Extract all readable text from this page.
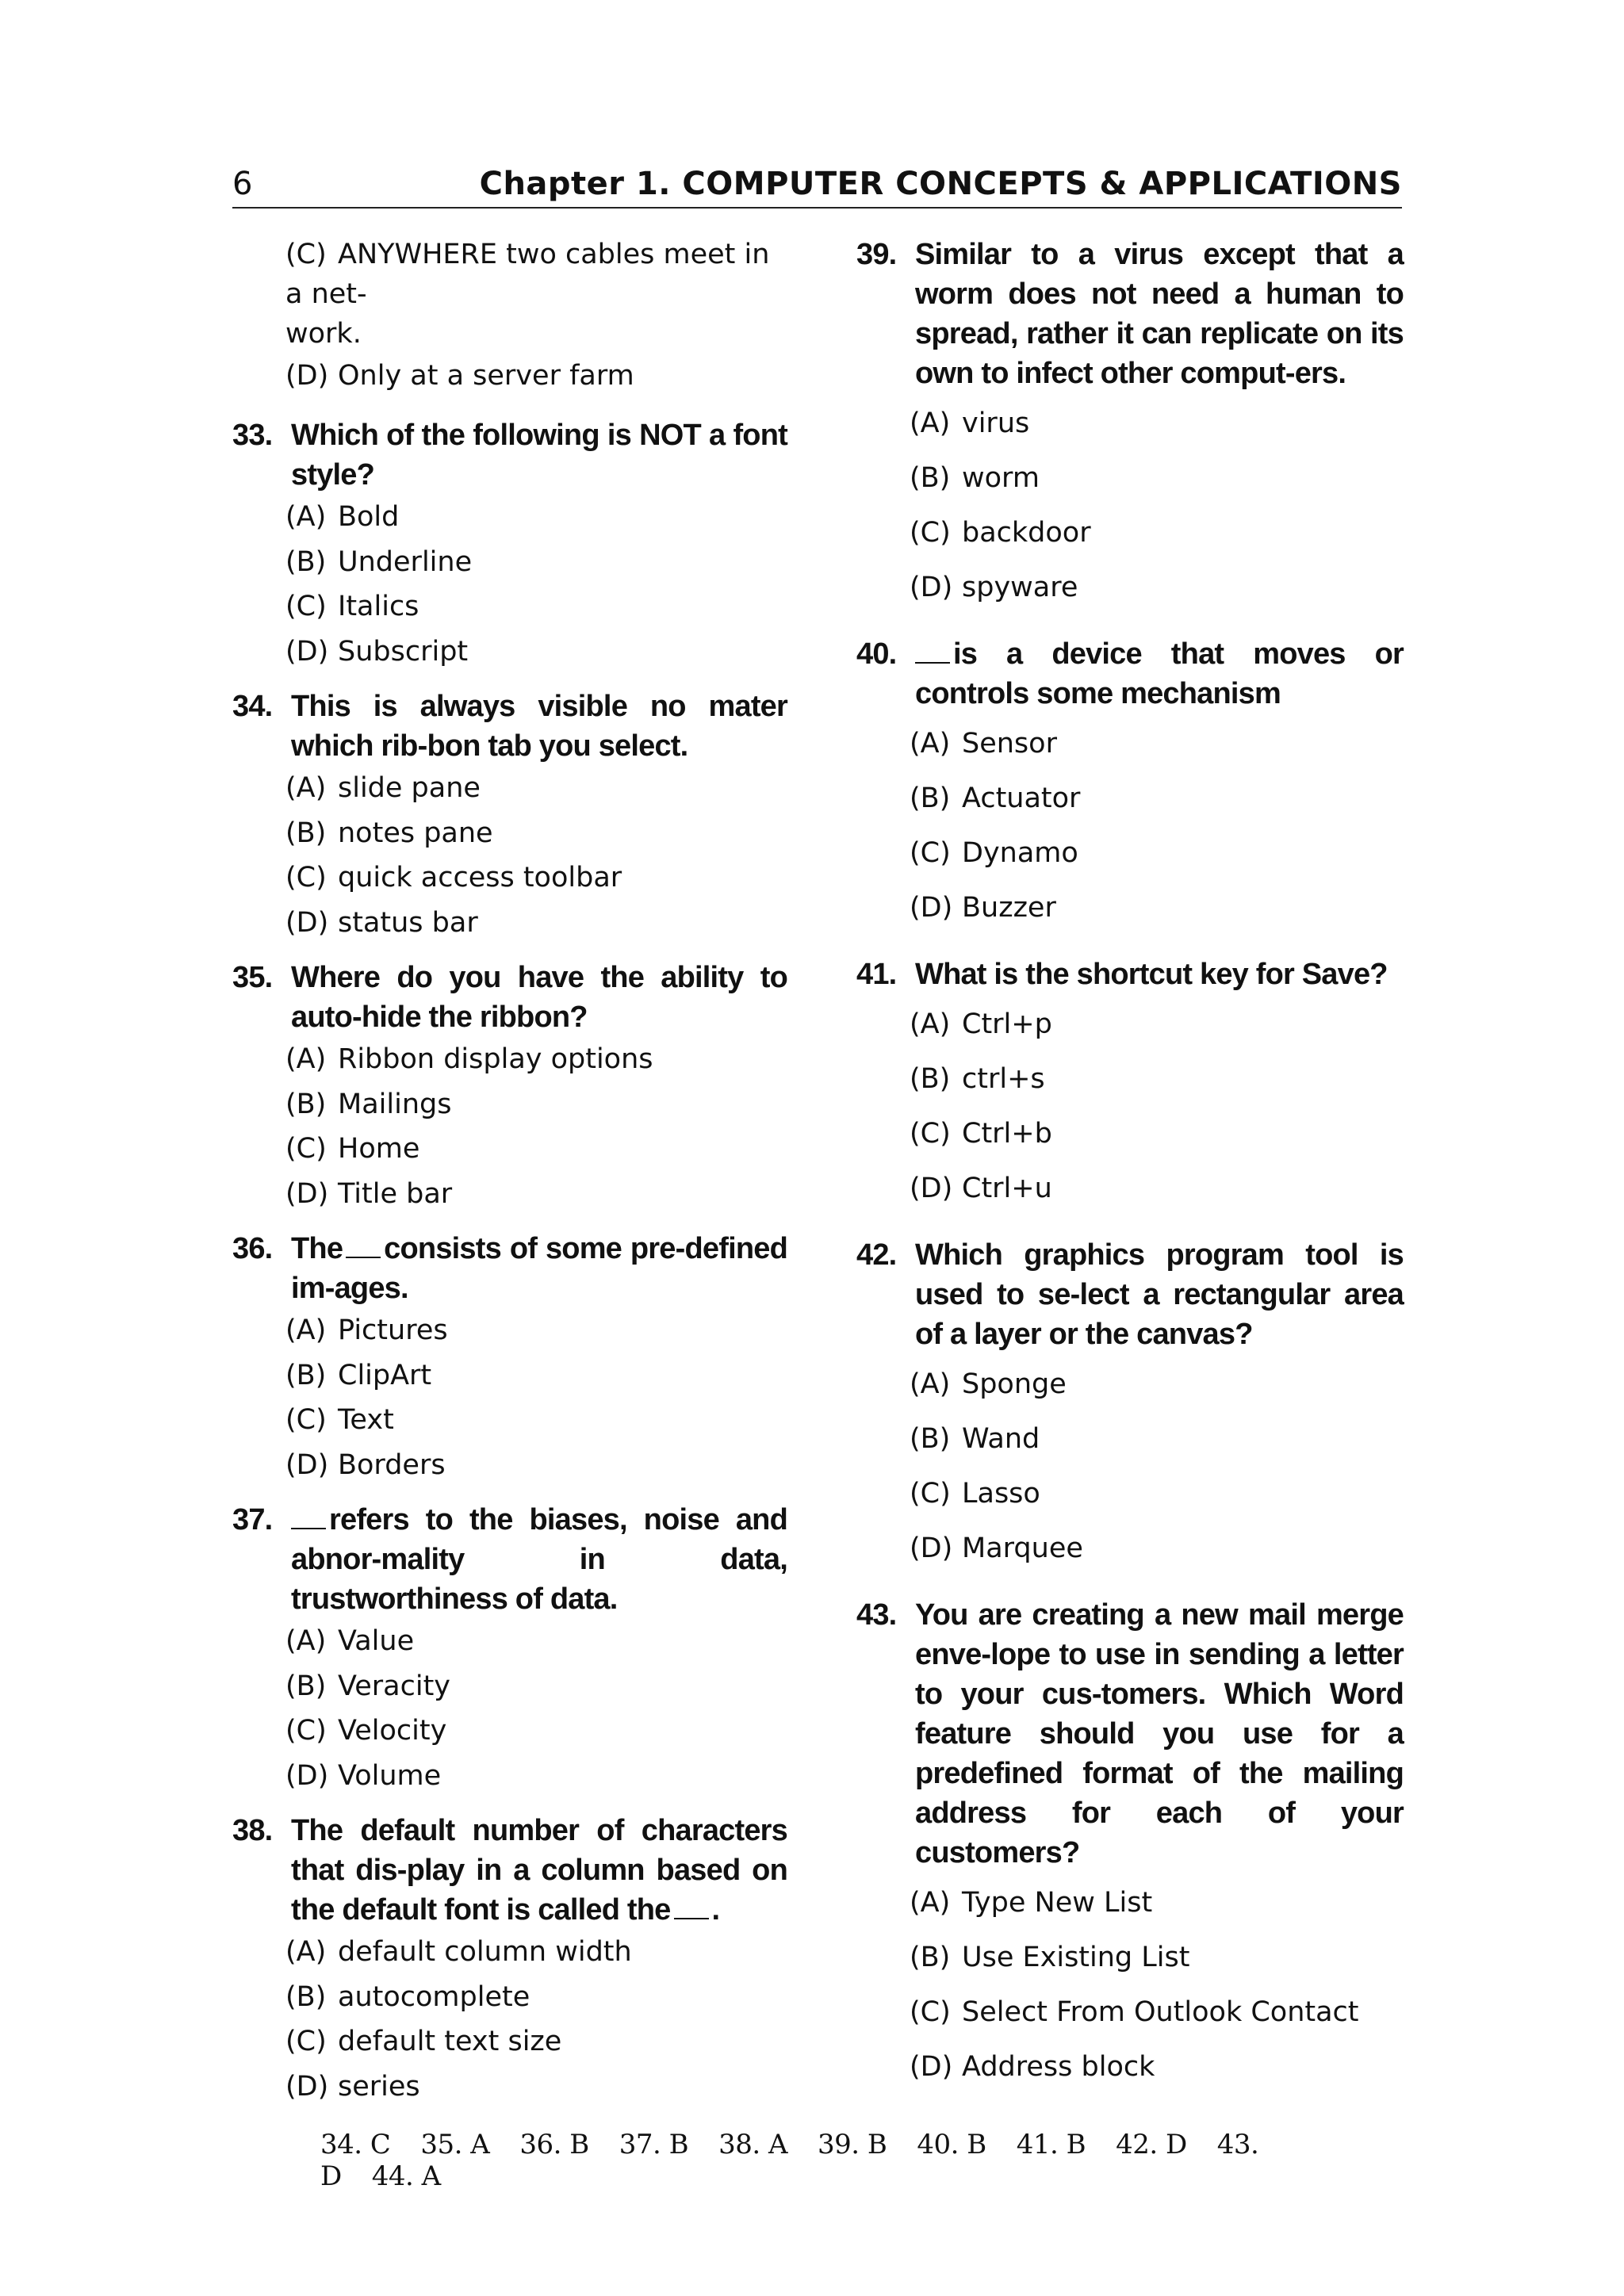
6	Chapter 1. COMPUTER CONCEPTS & APPLICATIONS
(C) ANYWHERE two cables meet in a net-
work.
(D) Only at a server farm
33. Which of the following is NOT a font style?
(A) Bold
(B) Underline
(C) Italics
(D) Subscript
34. This is always visible no mater which rib-bon tab you select.
(A) slide pane
(B) notes pane
(C) quick access toolbar
(D) status bar
35. Where do you have the ability to auto-hide the ribbon?
(A) Ribbon display options
(B) Mailings
(C) Home
(D) Title bar
36. The consists of some pre-defined im-ages.
(A) Pictures
(B) ClipArt
(C) Text
(D) Borders
37. refers to the biases, noise and abnor-mality in data, trustworthiness of data.
(A) Value
(B) Veracity
(C) Velocity
(D) Volume
38. The default number of characters that dis-play in a column based on the default font is called the .
(A) default column width
(B) autocomplete
(C) default text size
(D) series
39. Similar to a virus except that a worm does not need a human to spread, rather it can replicate on its own to infect other comput-ers.
(A) virus
(B) worm
(C) backdoor
(D) spyware
40. is a device that moves or controls some mechanism
(A) Sensor
(B) Actuator
(C) Dynamo
(D) Buzzer
41. What is the shortcut key for Save?
(A) Ctrl+p
(B) ctrl+s
(C) Ctrl+b
(D) Ctrl+u
42. Which graphics program tool is used to se-lect a rectangular area of a layer or the canvas?
(A) Sponge
(B) Wand
(C) Lasso
(D) Marquee
43. You are creating a new mail merge enve-lope to use in sending a letter to your cus-tomers. Which Word feature should you use for a predefined format of the mailing address for each of your customers?
(A) Type New List
(B) Use Existing List
(C) Select From Outlook Contact
(D) Address block
34. C 35. A 36. B 37. B 38. A 39. B 40. B 41. B 42. D 43. D 44. A
